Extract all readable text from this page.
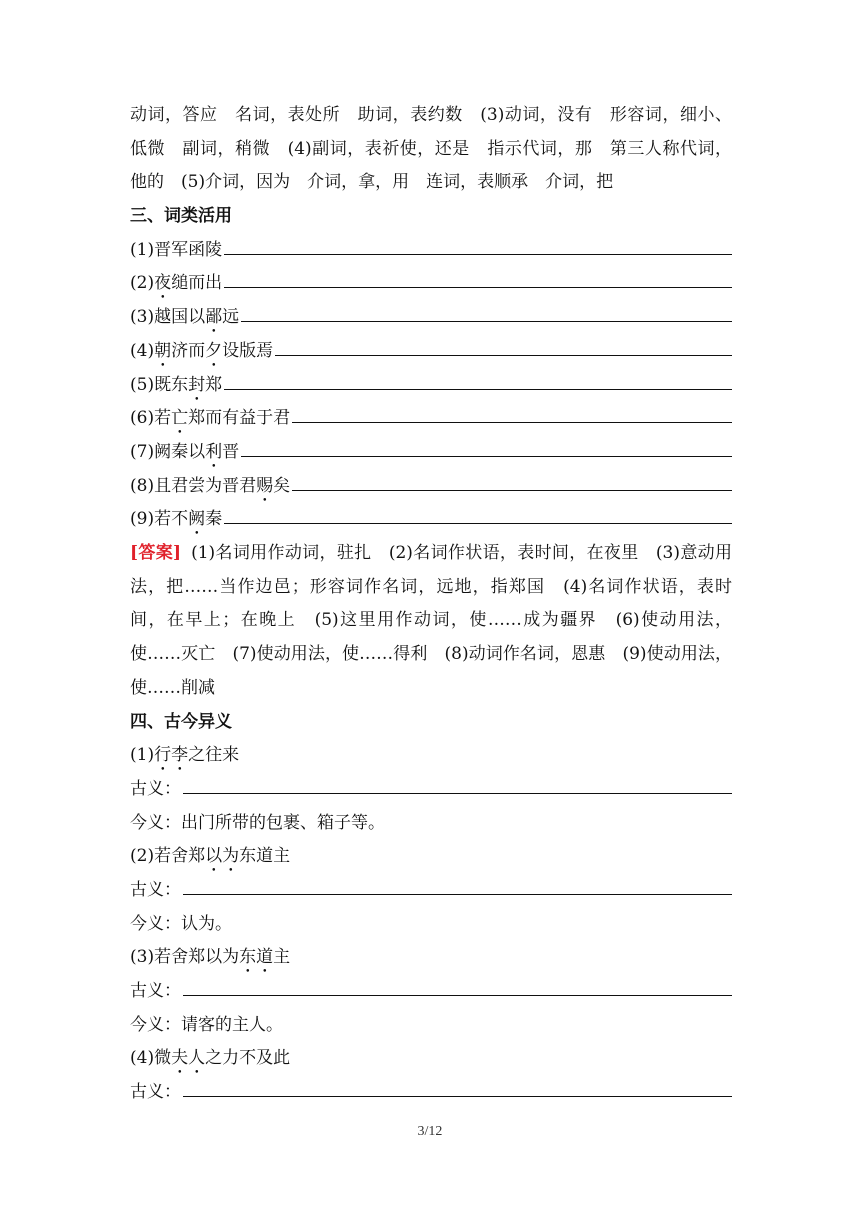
动词，答应　名词，表处所　助词，表约数　(3)动词，没有　形容词，细小、低微　副词，稍微　(4)副词，表祈使，还是　指示代词，那　第三人称代词，他的　(5)介词，因为　介词，拿，用　连词，表顺承　介词，把
三、词类活用
(1)晋军 函陵
(2) 夜 缒而出
(3)越国以 鄙 远
(4) 朝 济而 夕 设版焉
(5)既东 封 郑
(6)若 亡 郑而有益于君
(7)阙秦以 利 晋
(8)且君尝为晋君 赐 矣
(9)若不 阙 秦
[答案] (1)名词用作动词，驻扎　(2)名词作状语，表时间，在夜里　(3)意动用法，把……当作边邑；形容词作名词，远地，指郑国　(4)名词作状语，表时间，在早上；在晚上　(5)这里用作动词，使……成为疆界　(6)使动用法，使……灭亡　(7)使动用法，使……得利　(8)动词作名词，恩惠　(9)使动用法，使……削减
四、古今异义
(1) 行李 之往来
古义：
今义：出门所带的包裹、箱子等。
(2)若舍郑 以为 东道主
古义：
今义：认为。
(3)若舍郑以为 东道 主
古义：
今义：请客的主人。
(4)微 夫人 之力不及此
古义：
3/12
